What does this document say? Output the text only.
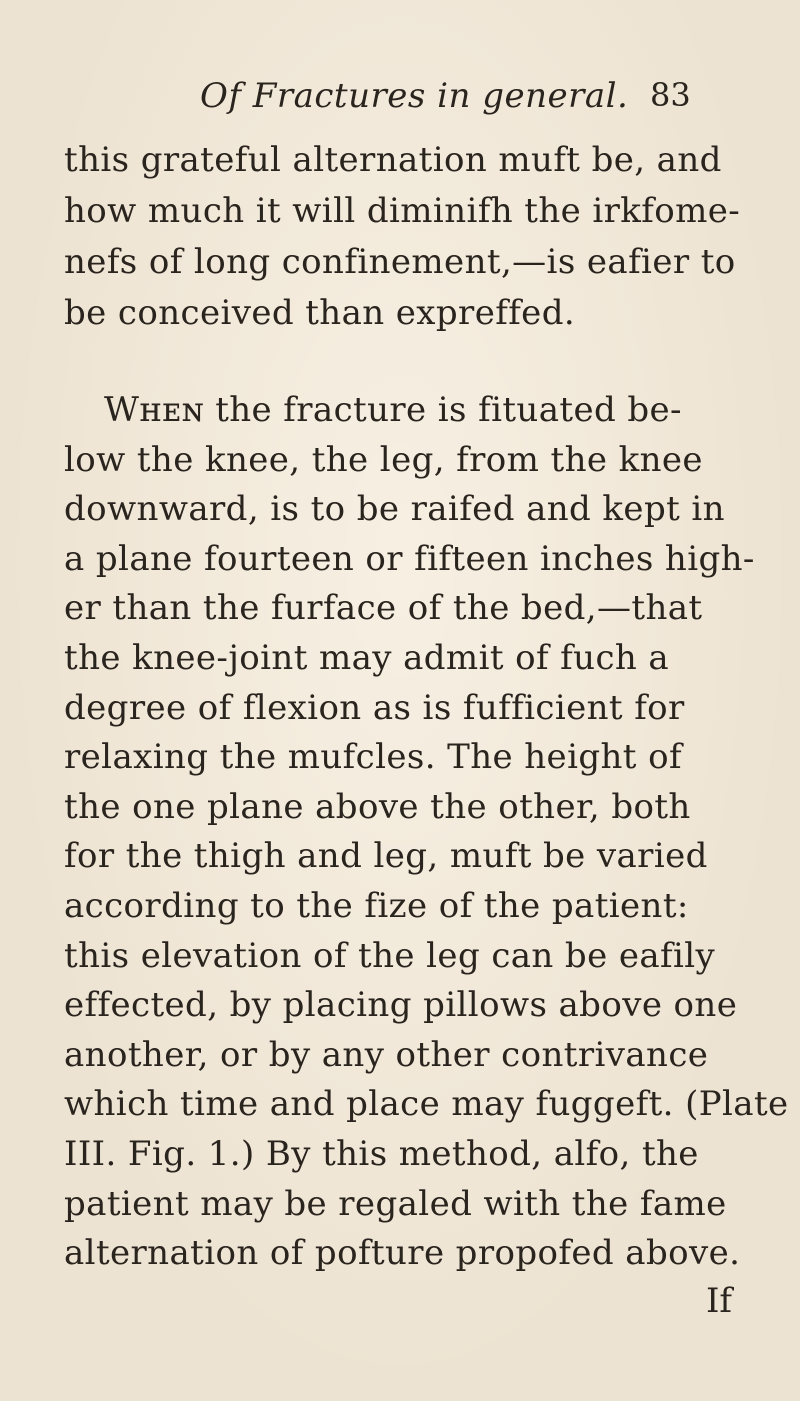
Of Fractures in general. 83
this grateful alternation muft be, and
how much it will diminifh the irkfome-
nefs of long confinement,—is eafier to
be conceived than expreffed.
Wʜᴇɴ the fracture is fituated be-
low the knee, the leg, from the knee
downward, is to be raifed and kept in
a plane fourteen or fifteen inches high-
er than the furface of the bed,—that
the knee-joint may admit of fuch a
degree of flexion as is fufficient for
relaxing the mufcles. The height of
the one plane above the other, both
for the thigh and leg, muft be varied
according to the fize of the patient:
this elevation of the leg can be eafily
effected, by placing pillows above one
another, or by any other contrivance
which time and place may fuggeft. (Plate
III. Fig. 1.) By this method, alfo, the
patient may be regaled with the fame
alternation of pofture propofed above.
If
